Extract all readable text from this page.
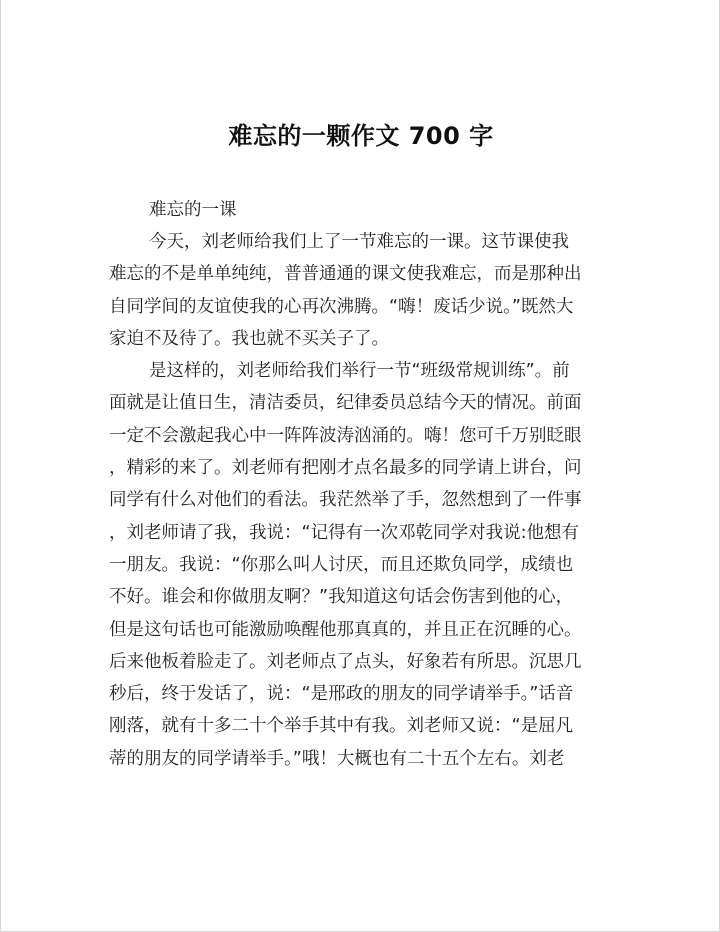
难忘的一颗作文 700 字

难忘的一课

今天，刘老师给我们上了一节难忘的一课。这节课使我
难忘的不是单单纯纯，普普通通的课文使我难忘，而是那种出
自同学间的友谊使我的心再次沸腾。“嗨！废话少说。”既然大
家迫不及待了。我也就不买关子了。

是这样的，刘老师给我们举行一节“班级常规训练”。前
面就是让值日生，清洁委员，纪律委员总结今天的情况。前面
一定不会激起我心中一阵阵波涛汹涌的。嗨！您可千万别眨眼
，精彩的来了。刘老师有把刚才点名最多的同学请上讲台，问
同学有什么对他们的看法。我茫然举了手，忽然想到了一件事
，刘老师请了我，我说：“记得有一次邓乾同学对我说:他想有
一朋友。我说：“你那么叫人讨厌，而且还欺负同学，成绩也
不好。谁会和你做朋友啊？”我知道这句话会伤害到他的心，
但是这句话也可能激励唤醒他那真真的，并且正在沉睡的心。
后来他板着脸走了。刘老师点了点头，好象若有所思。沉思几
秒后，终于发话了，说：“是邢政的朋友的同学请举手。”话音
刚落，就有十多二十个举手其中有我。刘老师又说：“是屈凡
蒂的朋友的同学请举手。”哦！大概也有二十五个左右。刘老
